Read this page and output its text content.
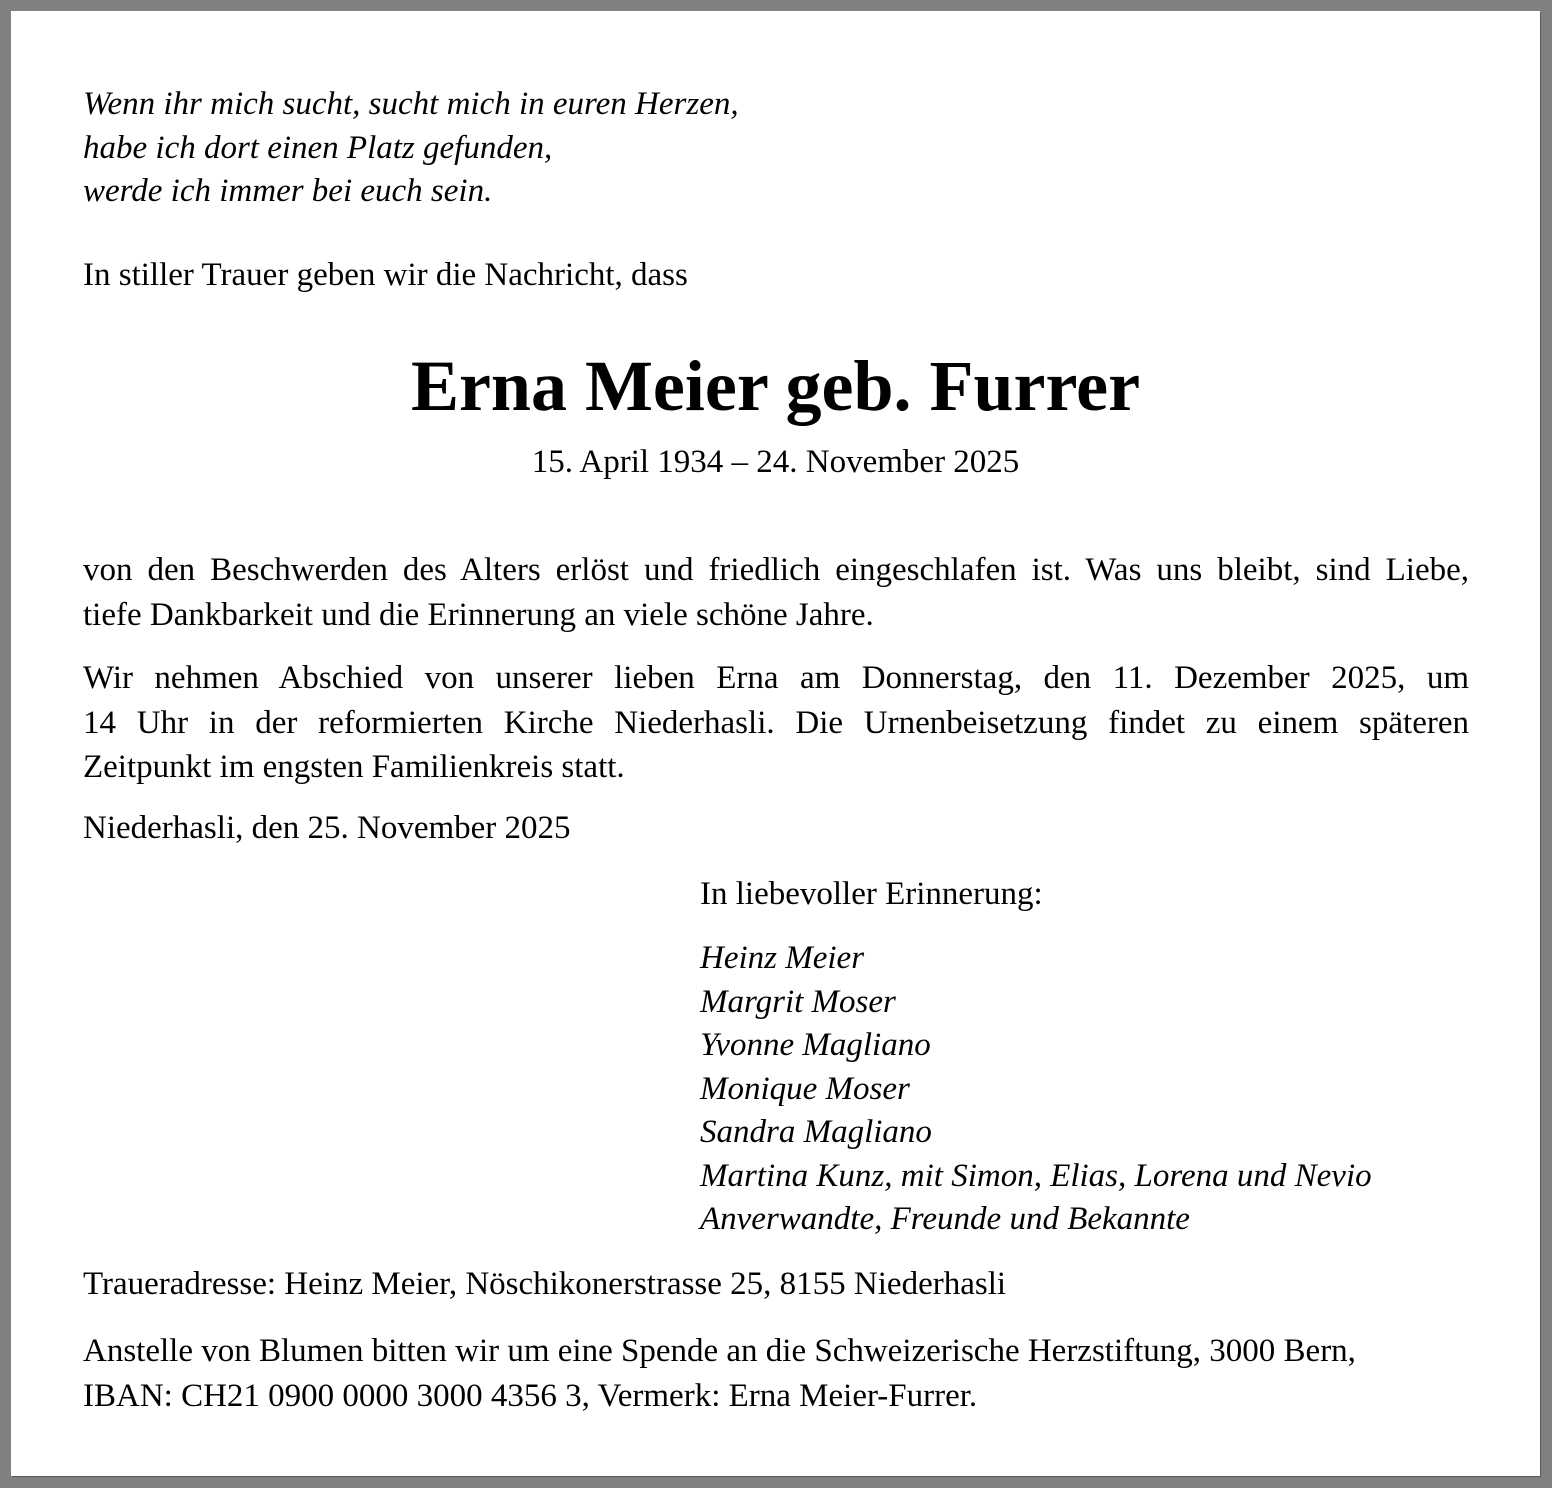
Wenn ihr mich sucht, sucht mich in euren Herzen,
habe ich dort einen Platz gefunden,
werde ich immer bei euch sein.

In stiller Trauer geben wir die Nachricht, dass

Erna Meier geb. Furrer

15. April 1934 – 24. November 2025

von den Beschwerden des Alters erlöst und friedlich eingeschlafen ist. Was uns bleibt, sind Liebe,
tiefe Dankbarkeit und die Erinnerung an viele schöne Jahre.

Wir nehmen Abschied von unserer lieben Erna am Donnerstag, den 11. Dezember 2025, um
14 Uhr in der reformierten Kirche Niederhasli. Die Urnenbeisetzung findet zu einem späteren
Zeitpunkt im engsten Familienkreis statt.

Niederhasli, den 25. November 2025

In liebevoller Erinnerung:

Heinz Meier
Margrit Moser
Yvonne Magliano
Monique Moser
Sandra Magliano
Martina Kunz, mit Simon, Elias, Lorena und Nevio
Anverwandte, Freunde und Bekannte

Traueradresse: Heinz Meier, Nöschikonerstrasse 25, 8155 Niederhasli

Anstelle von Blumen bitten wir um eine Spende an die Schweizerische Herzstiftung, 3000 Bern,
IBAN: CH21 0900 0000 3000 4356 3, Vermerk: Erna Meier-Furrer.
